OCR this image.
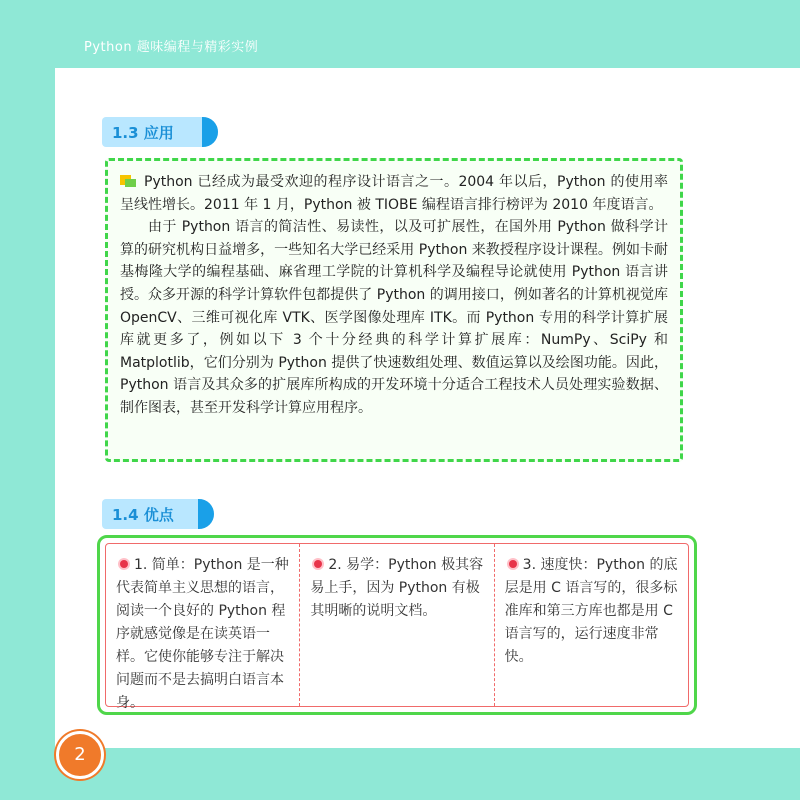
Python 趣味编程与精彩实例
1.3 应用

Python 已经成为最受欢迎的程序设计语言之一。2004 年以后，Python 的使用率呈线性增长。2011 年 1 月，Python 被 TIOBE 编程语言排行榜评为 2010 年度语言。

由于 Python 语言的简洁性、易读性，以及可扩展性，在国外用 Python 做科学计算的研究机构日益增多，一些知名大学已经采用 Python 来教授程序设计课程。例如卡耐基梅隆大学的编程基础、麻省理工学院的计算机科学及编程导论就使用 Python 语言讲授。众多开源的科学计算软件包都提供了 Python 的调用接口，例如著名的计算机视觉库 OpenCV、三维可视化库 VTK、医学图像处理库 ITK。而 Python 专用的科学计算扩展库就更多了，例如以下 3 个十分经典的科学计算扩展库：NumPy、SciPy 和 Matplotlib，它们分别为 Python 提供了快速数组处理、数值运算以及绘图功能。因此，Python 语言及其众多的扩展库所构成的开发环境十分适合工程技术人员处理实验数据、制作图表，甚至开发科学计算应用程序。

1.4 优点
1. 简单：Python 是一种代表简单主义思想的语言，阅读一个良好的 Python 程序就感觉像是在读英语一样。它使你能够专注于解决问题而不是去搞明白语言本身。
2. 易学：Python 极其容易上手，因为 Python 有极其明晰的说明文档。
3. 速度快：Python 的底层是用 C 语言写的，很多标准库和第三方库也都是用 C 语言写的，运行速度非常快。
2
